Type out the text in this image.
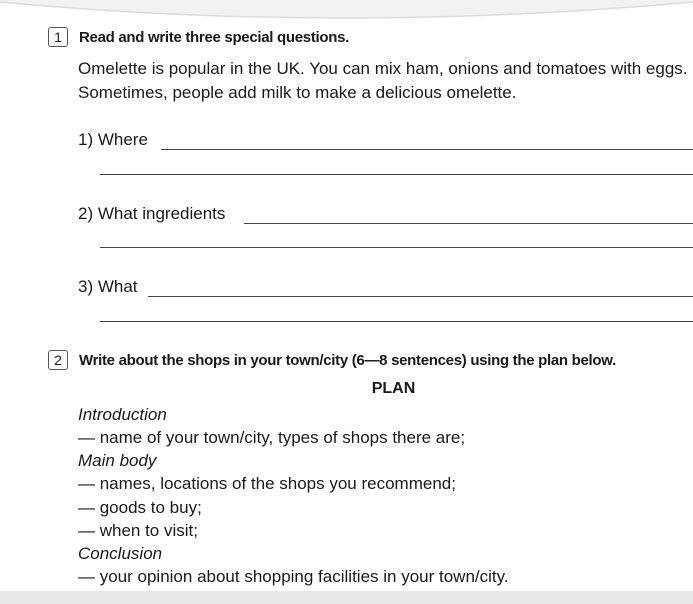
1	Read and write three special questions.

Omelette is popular in the UK. You can mix ham, onions and tomatoes with eggs. Sometimes, people add milk to make a delicious omelette.

1) Where
2) What ingredients
3) What
2	Write about the shops in your town/city (6—8 sentences) using the plan below.
PLAN
Introduction
— name of your town/city, types of shops there are;
Main body
— names, locations of the shops you recommend;
— goods to buy;
— when to visit;
Conclusion
— your opinion about shopping facilities in your town/city.
